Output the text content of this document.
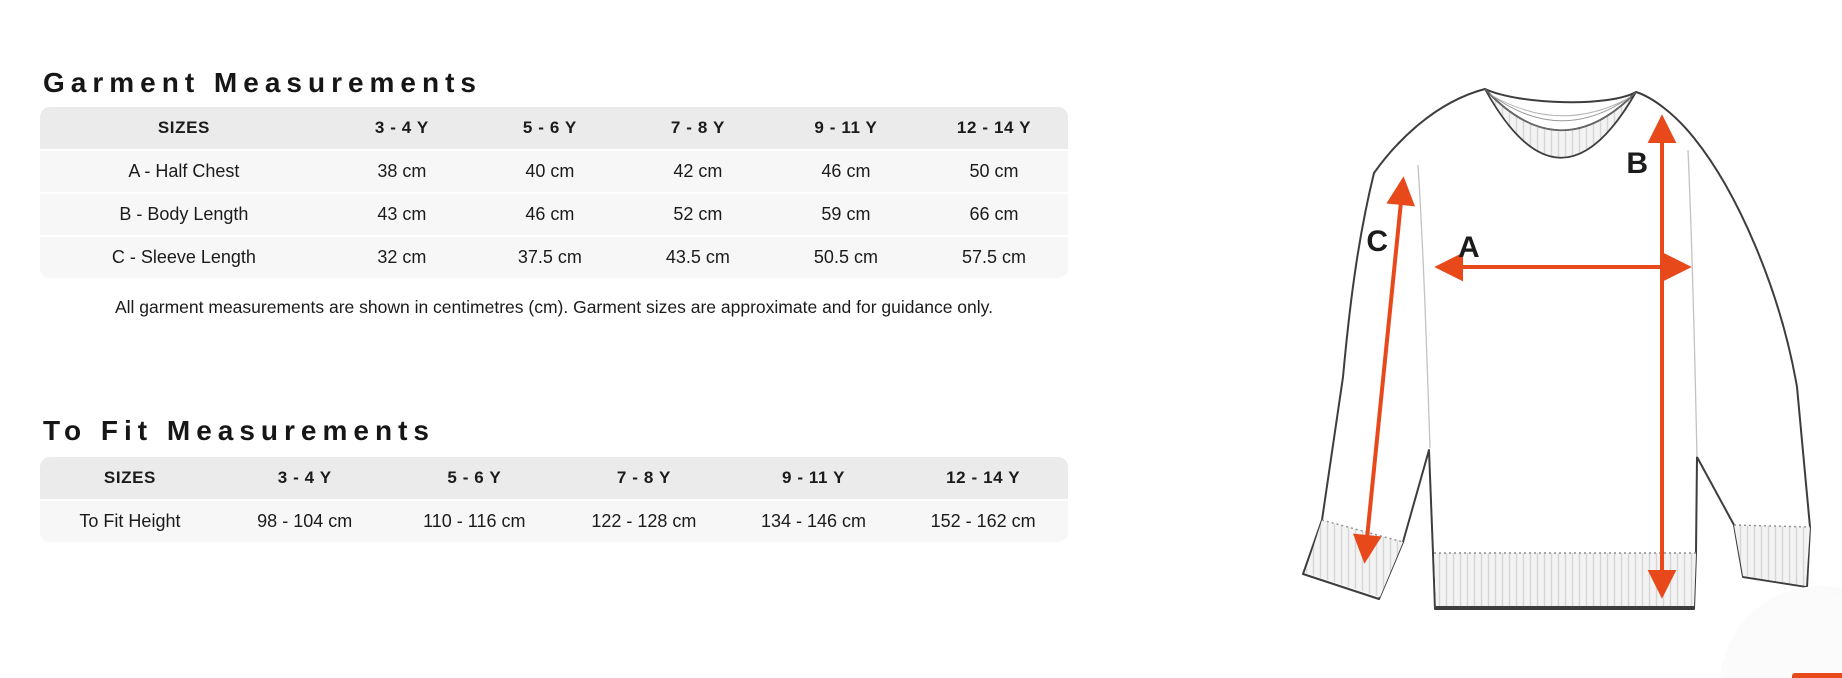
Garment Measurements
SIZES	3 - 4 Y	5 - 6 Y	7 - 8 Y	9 - 11 Y	12 - 14 Y
A - Half Chest	38 cm	40 cm	42 cm	46 cm	50 cm
B - Body Length	43 cm	46 cm	52 cm	59 cm	66 cm
C - Sleeve Length	32 cm	37.5 cm	43.5 cm	50.5 cm	57.5 cm
All garment measurements are shown in centimetres (cm). Garment sizes are approximate and for guidance only.
To Fit Measurements
SIZES	3 - 4 Y	5 - 6 Y	7 - 8 Y	9 - 11 Y	12 - 14 Y
To Fit Height	98 - 104 cm	110 - 116 cm	122 - 128 cm	134 - 146 cm	152 - 162 cm
A
B
C
